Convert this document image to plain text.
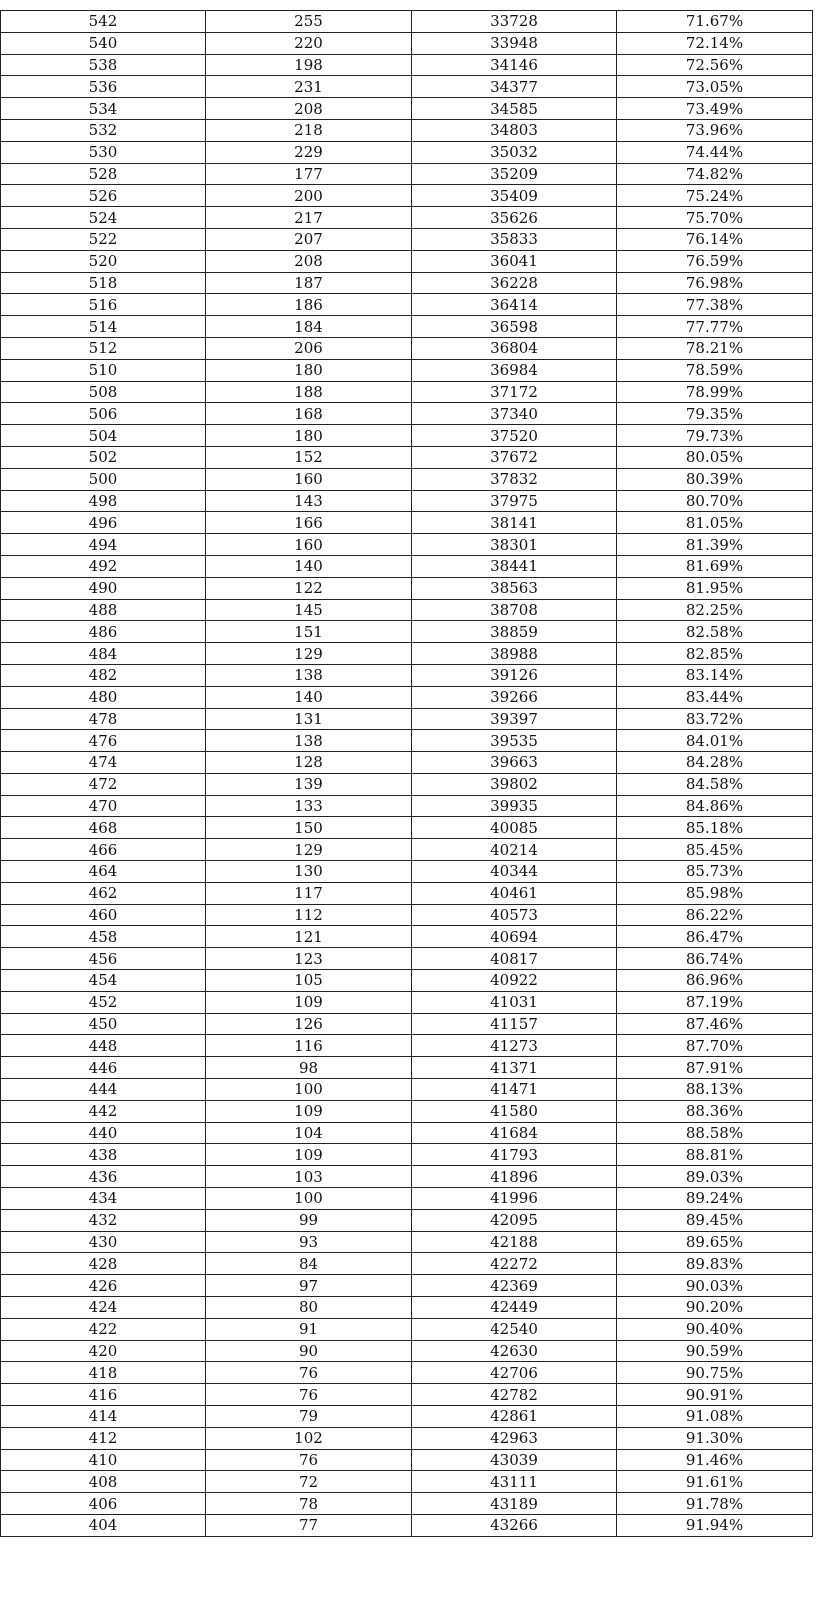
542	255	33728	71.67%
540	220	33948	72.14%
538	198	34146	72.56%
536	231	34377	73.05%
534	208	34585	73.49%
532	218	34803	73.96%
530	229	35032	74.44%
528	177	35209	74.82%
526	200	35409	75.24%
524	217	35626	75.70%
522	207	35833	76.14%
520	208	36041	76.59%
518	187	36228	76.98%
516	186	36414	77.38%
514	184	36598	77.77%
512	206	36804	78.21%
510	180	36984	78.59%
508	188	37172	78.99%
506	168	37340	79.35%
504	180	37520	79.73%
502	152	37672	80.05%
500	160	37832	80.39%
498	143	37975	80.70%
496	166	38141	81.05%
494	160	38301	81.39%
492	140	38441	81.69%
490	122	38563	81.95%
488	145	38708	82.25%
486	151	38859	82.58%
484	129	38988	82.85%
482	138	39126	83.14%
480	140	39266	83.44%
478	131	39397	83.72%
476	138	39535	84.01%
474	128	39663	84.28%
472	139	39802	84.58%
470	133	39935	84.86%
468	150	40085	85.18%
466	129	40214	85.45%
464	130	40344	85.73%
462	117	40461	85.98%
460	112	40573	86.22%
458	121	40694	86.47%
456	123	40817	86.74%
454	105	40922	86.96%
452	109	41031	87.19%
450	126	41157	87.46%
448	116	41273	87.70%
446	98	41371	87.91%
444	100	41471	88.13%
442	109	41580	88.36%
440	104	41684	88.58%
438	109	41793	88.81%
436	103	41896	89.03%
434	100	41996	89.24%
432	99	42095	89.45%
430	93	42188	89.65%
428	84	42272	89.83%
426	97	42369	90.03%
424	80	42449	90.20%
422	91	42540	90.40%
420	90	42630	90.59%
418	76	42706	90.75%
416	76	42782	90.91%
414	79	42861	91.08%
412	102	42963	91.30%
410	76	43039	91.46%
408	72	43111	91.61%
406	78	43189	91.78%
404	77	43266	91.94%
